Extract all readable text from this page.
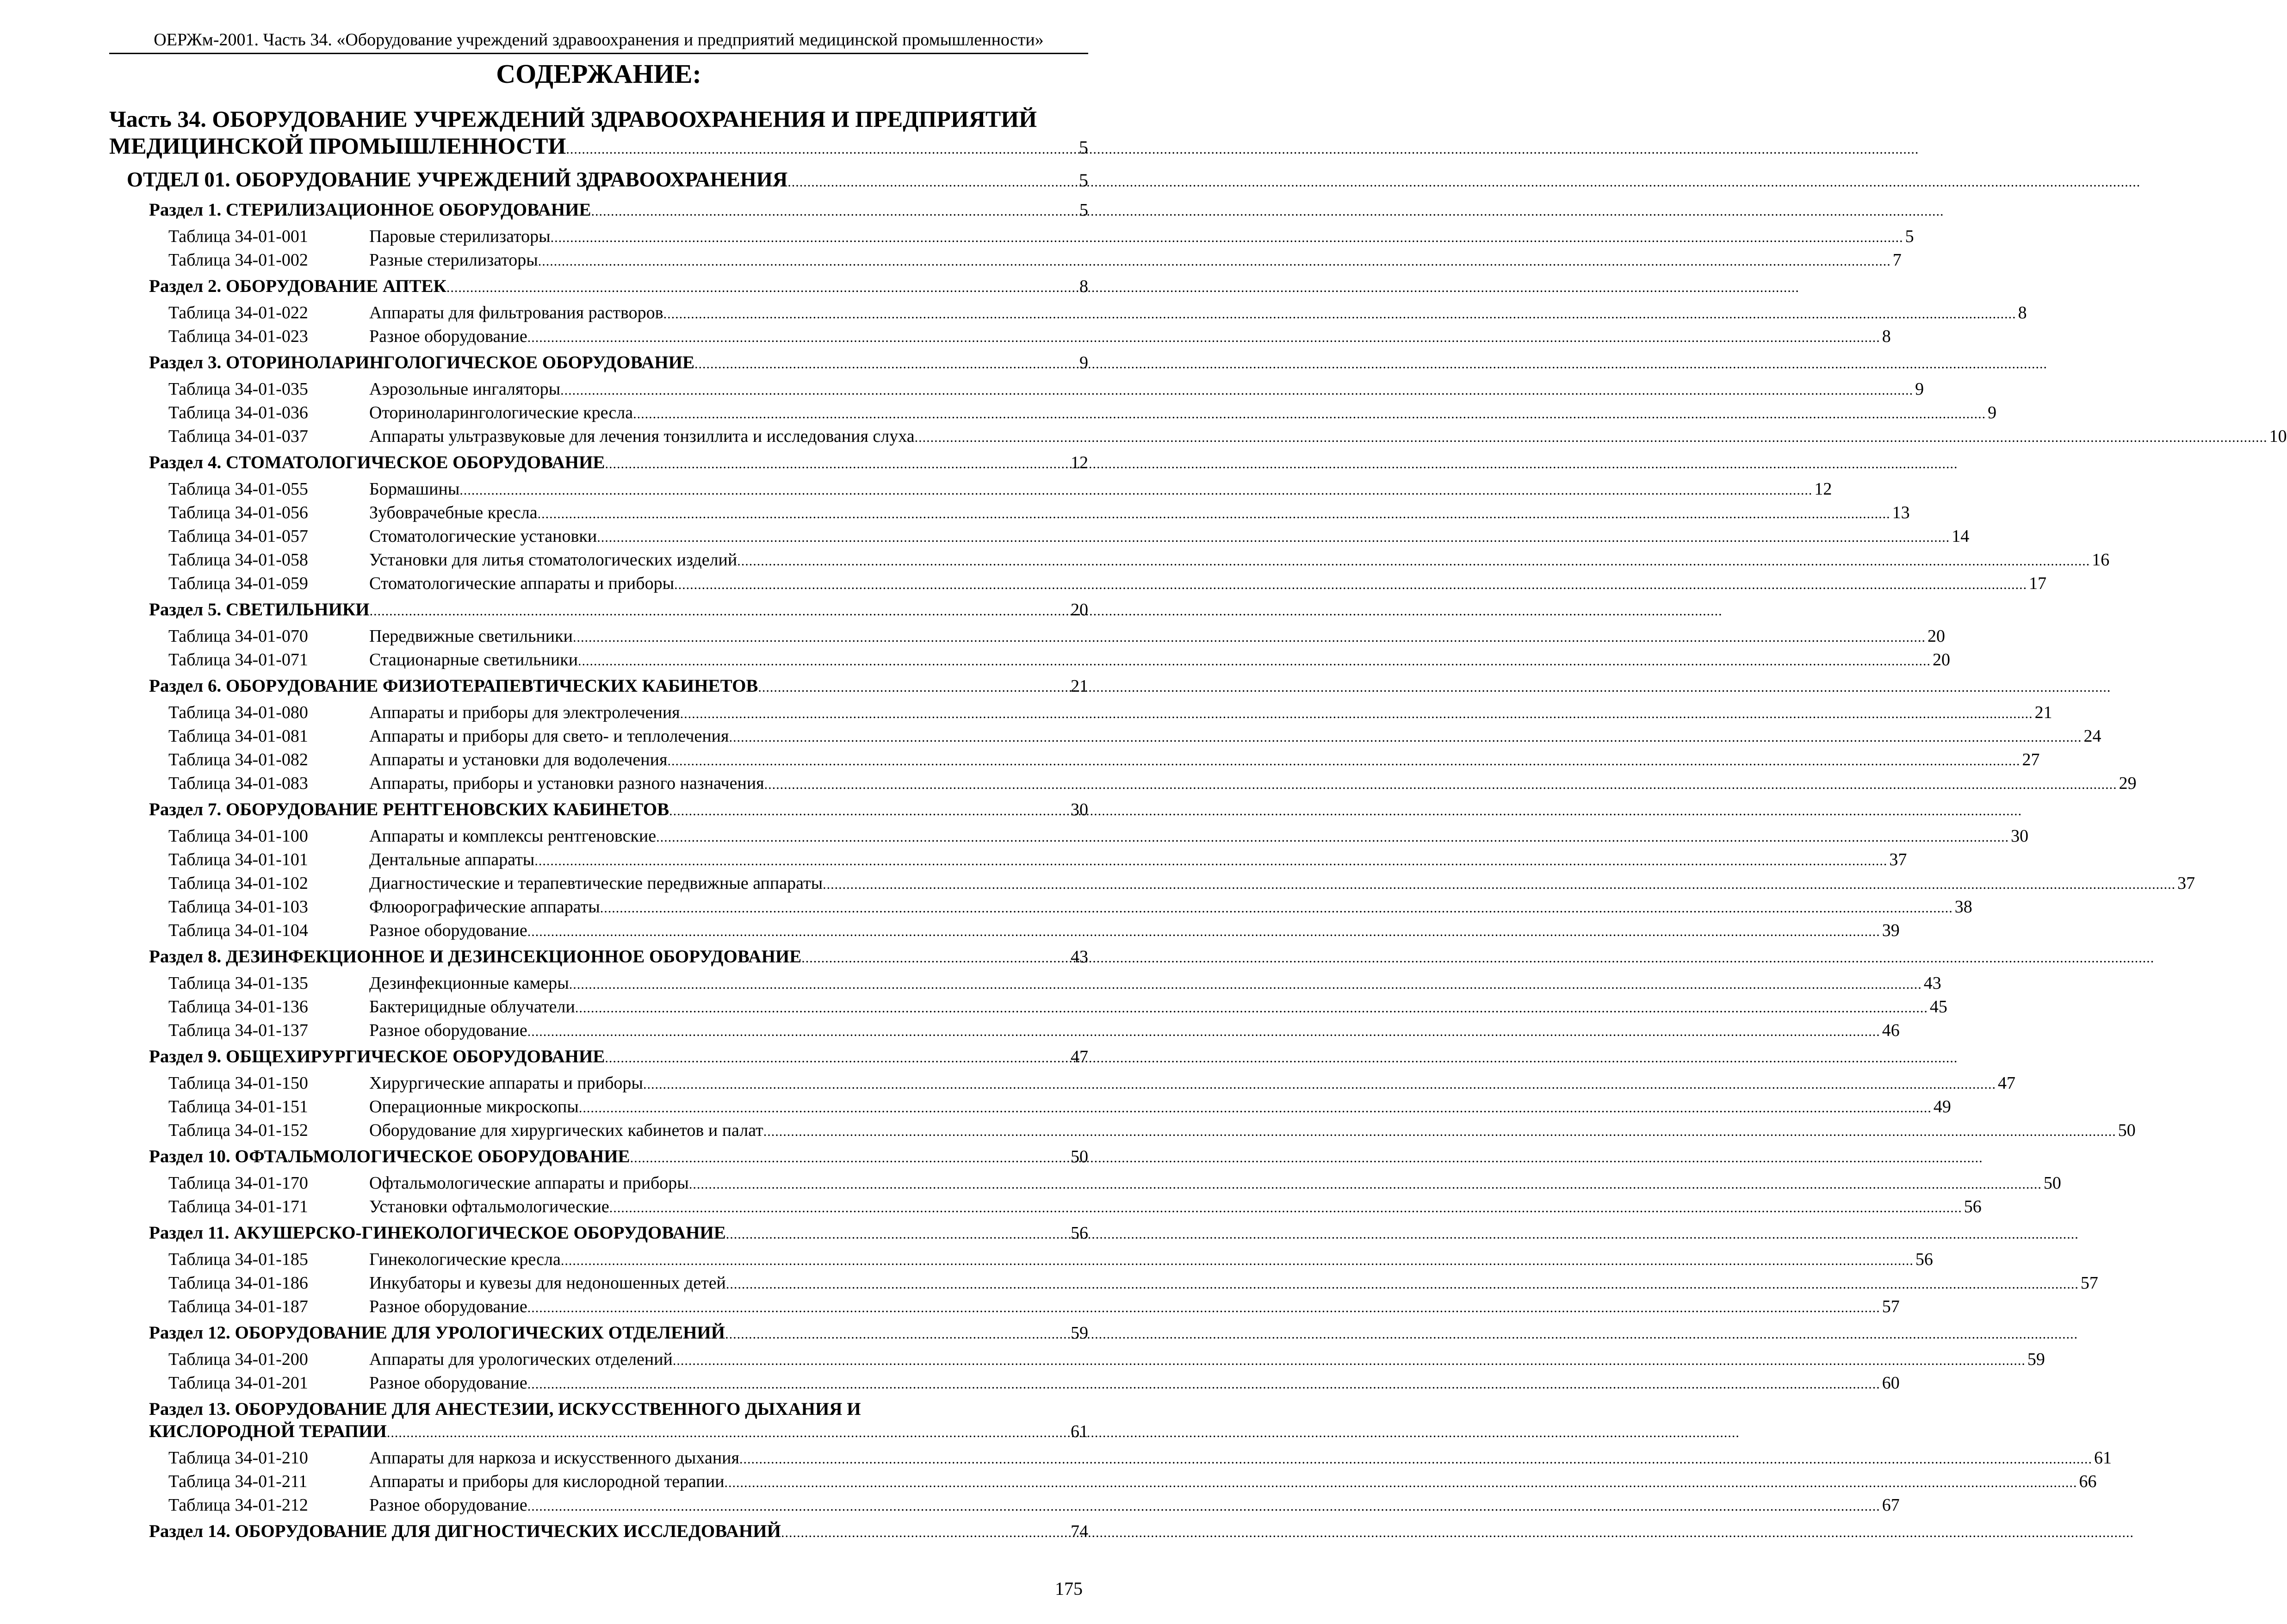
ОЕРЖм-2001. Часть 34. «Оборудование учреждений здравоохранения и предприятий медицинской промышленности»
СОДЕРЖАНИЕ:
Часть 34. ОБОРУДОВАНИЕ УЧРЕЖДЕНИЙ ЗДРАВООХРАНЕНИЯ И ПРЕДПРИЯТИЙ
МЕДИЦИНСКОЙ ПРОМЫШЛЕННОСТИ .....	5
ОТДЕЛ 01. ОБОРУДОВАНИЕ УЧРЕЖДЕНИЙ ЗДРАВООХРАНЕНИЯ .....	5
Раздел 1. СТЕРИЛИЗАЦИОННОЕ ОБОРУДОВАНИЕ .....	5
Таблица 34-01-001	Паровые стерилизаторы .....	5
Таблица 34-01-002	Разные стерилизаторы .....	7
Раздел 2. ОБОРУДОВАНИЕ АПТЕК .....	8
Таблица 34-01-022	Аппараты для фильтрования растворов .....	8
Таблица 34-01-023	Разное оборудование .....	8
Раздел 3. ОТОРИНОЛАРИНГОЛОГИЧЕСКОЕ ОБОРУДОВАНИЕ .....	9
Таблица 34-01-035	Аэрозольные ингаляторы .....	9
Таблица 34-01-036	Оториноларингологические кресла .....	9
Таблица 34-01-037	Аппараты ультразвуковые для лечения тонзиллита и исследования слуха .....	10
Раздел 4. СТОМАТОЛОГИЧЕСКОЕ ОБОРУДОВАНИЕ .....	12
Таблица 34-01-055	Бормашины .....	12
Таблица 34-01-056	Зубоврачебные кресла .....	13
Таблица 34-01-057	Стоматологические установки .....	14
Таблица 34-01-058	Установки для литья стоматологических изделий .....	16
Таблица 34-01-059	Стоматологические аппараты и приборы .....	17
Раздел 5. СВЕТИЛЬНИКИ .....	20
Таблица 34-01-070	Передвижные светильники .....	20
Таблица 34-01-071	Стационарные светильники .....	20
Раздел 6. ОБОРУДОВАНИЕ ФИЗИОТЕРАПЕВТИЧЕСКИХ КАБИНЕТОВ .....	21
Таблица 34-01-080	Аппараты и приборы для электролечения .....	21
Таблица 34-01-081	Аппараты и приборы для свето- и теплолечения .....	24
Таблица 34-01-082	Аппараты и установки для водолечения .....	27
Таблица 34-01-083	Аппараты, приборы и установки разного назначения .....	29
Раздел 7. ОБОРУДОВАНИЕ РЕНТГЕНОВСКИХ КАБИНЕТОВ .....	30
Таблица 34-01-100	Аппараты и комплексы рентгеновские .....	30
Таблица 34-01-101	Дентальные аппараты .....	37
Таблица 34-01-102	Диагностические и терапевтические передвижные аппараты .....	37
Таблица 34-01-103	Флюорографические аппараты .....	38
Таблица 34-01-104	Разное оборудование .....	39
Раздел 8. ДЕЗИНФЕКЦИОННОЕ И ДЕЗИНСЕКЦИОННОЕ ОБОРУДОВАНИЕ .....	43
Таблица 34-01-135	Дезинфекционные камеры .....	43
Таблица 34-01-136	Бактерицидные облучатели .....	45
Таблица 34-01-137	Разное оборудование .....	46
Раздел 9. ОБЩЕХИРУРГИЧЕСКОЕ ОБОРУДОВАНИЕ .....	47
Таблица 34-01-150	Хирургические аппараты и приборы .....	47
Таблица 34-01-151	Операционные микроскопы .....	49
Таблица 34-01-152	Оборудование для хирургических кабинетов и палат .....	50
Раздел 10. ОФТАЛЬМОЛОГИЧЕСКОЕ ОБОРУДОВАНИЕ .....	50
Таблица 34-01-170	Офтальмологические аппараты и приборы .....	50
Таблица 34-01-171	Установки офтальмологические .....	56
Раздел 11. АКУШЕРСКО-ГИНЕКОЛОГИЧЕСКОЕ ОБОРУДОВАНИЕ .....	56
Таблица 34-01-185	Гинекологические кресла .....	56
Таблица 34-01-186	Инкубаторы и кувезы для недоношенных детей .....	57
Таблица 34-01-187	Разное оборудование .....	57
Раздел 12. ОБОРУДОВАНИЕ ДЛЯ УРОЛОГИЧЕСКИХ ОТДЕЛЕНИЙ .....	59
Таблица 34-01-200	Аппараты для урологических отделений .....	59
Таблица 34-01-201	Разное оборудование .....	60
Раздел 13. ОБОРУДОВАНИЕ ДЛЯ АНЕСТЕЗИИ, ИСКУССТВЕННОГО ДЫХАНИЯ И
КИСЛОРОДНОЙ ТЕРАПИИ .....	61
Таблица 34-01-210	Аппараты для наркоза и искусственного дыхания .....	61
Таблица 34-01-211	Аппараты и приборы для кислородной терапии .....	66
Таблица 34-01-212	Разное оборудование .....	67
Раздел 14. ОБОРУДОВАНИЕ ДЛЯ ДИГНОСТИЧЕСКИХ ИССЛЕДОВАНИЙ .....	74
175
